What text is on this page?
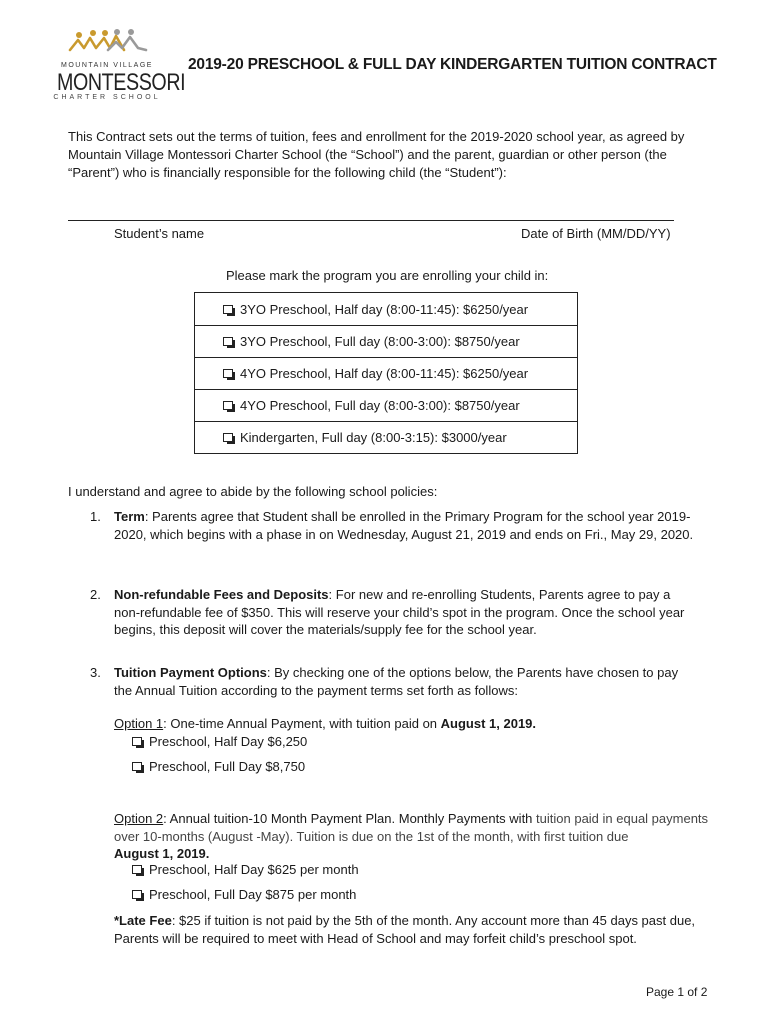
MOUNTAIN VILLAGE
MONTESSORI
CHARTER SCHOOL
2019-20 PRESCHOOL & FULL DAY KINDERGARTEN TUITION CONTRACT
This Contract sets out the terms of tuition, fees and enrollment for the 2019-2020 school year, as agreed by Mountain Village Montessori Charter School (the “School”) and the parent, guardian or other person (the “Parent”) who is financially responsible for the following child (the “Student”):
Student’s name	Date of Birth (MM/DD/YY)
Please mark the program you are enrolling your child in:
3YO Preschool, Half day (8:00-11:45): $6250/year
3YO Preschool, Full day (8:00-3:00): $8750/year
4YO Preschool, Half day (8:00-11:45): $6250/year
4YO Preschool, Full day (8:00-3:00): $8750/year
Kindergarten, Full day (8:00-3:15): $3000/year
I understand and agree to abide by the following school policies:
1. Term: Parents agree that Student shall be enrolled in the Primary Program for the school year 2019-2020, which begins with a phase in on Wednesday, August 21, 2019 and ends on Fri., May 29, 2020.
2. Non-refundable Fees and Deposits: For new and re-enrolling Students, Parents agree to pay a non-refundable fee of $350. This will reserve your child’s spot in the program. Once the school year begins, this deposit will cover the materials/supply fee for the school year.
3. Tuition Payment Options: By checking one of the options below, the Parents have chosen to pay the Annual Tuition according to the payment terms set forth as follows:
Option 1: One-time Annual Payment, with tuition paid on August 1, 2019.
Preschool, Half Day $6,250
Preschool, Full Day $8,750
Option 2: Annual tuition-10 Month Payment Plan. Monthly Payments with tuition paid in equal payments over 10-months (August -May). Tuition is due on the 1st of the month, with first tuition due
August 1, 2019.
Preschool, Half Day $625 per month
Preschool, Full Day $875 per month
*Late Fee: $25 if tuition is not paid by the 5th of the month. Any account more than 45 days past due, Parents will be required to meet with Head of School and may forfeit child’s preschool spot.
Page 1 of 2
